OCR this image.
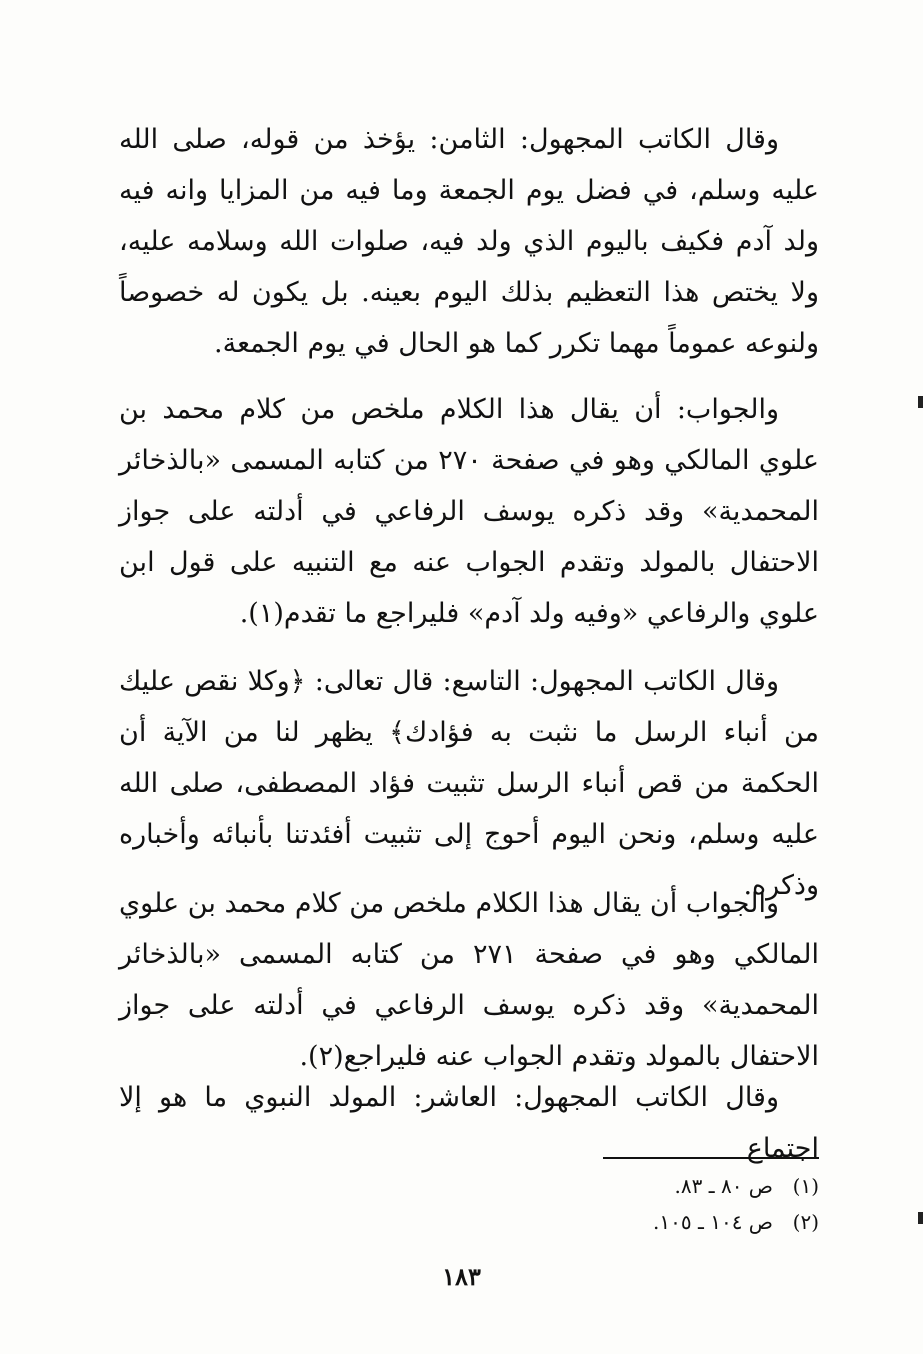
وقال الكاتب المجهول: الثامن: يؤخذ من قوله، صلى الله عليه وسلم، في فضل يوم الجمعة وما فيه من المزايا وانه فيه ولد آدم فكيف باليوم الذي ولد فيه، صلوات الله وسلامه عليه، ولا يختص هذا التعظيم بذلك اليوم بعينه. بل يكون له خصوصاً ولنوعه عموماً مهما تكرر كما هو الحال في يوم الجمعة.

والجواب: أن يقال هذا الكلام ملخص من كلام محمد بن علوي المالكي وهو في صفحة ٢٧٠ من كتابه المسمى «بالذخائر المحمدية» وقد ذكره يوسف الرفاعي في أدلته على جواز الاحتفال بالمولد وتقدم الجواب عنه مع التنبيه على قول ابن علوي والرفاعي «وفيه ولد آدم» فليراجع ما تقدم(١).

وقال الكاتب المجهول: التاسع: قال تعالى: ﴿وكلا نقص عليك من أنباء الرسل ما نثبت به فؤادك﴾ يظهر لنا من الآية أن الحكمة من قص أنباء الرسل تثبيت فؤاد المصطفى، صلى الله عليه وسلم، ونحن اليوم أحوج إلى تثبيت أفئدتنا بأنبائه وأخباره وذكره.

والجواب أن يقال هذا الكلام ملخص من كلام محمد بن علوي المالكي وهو في صفحة ٢٧١ من كتابه المسمى «بالذخائر المحمدية» وقد ذكره يوسف الرفاعي في أدلته على جواز الاحتفال بالمولد وتقدم الجواب عنه فليراجع(٢).

وقال الكاتب المجهول: العاشر: المولد النبوي ما هو إلا اجتماع

(١)ص ٨٠ ـ ٨٣.
(٢)ص ١٠٤ ـ ١٠٥.
١٨٣
